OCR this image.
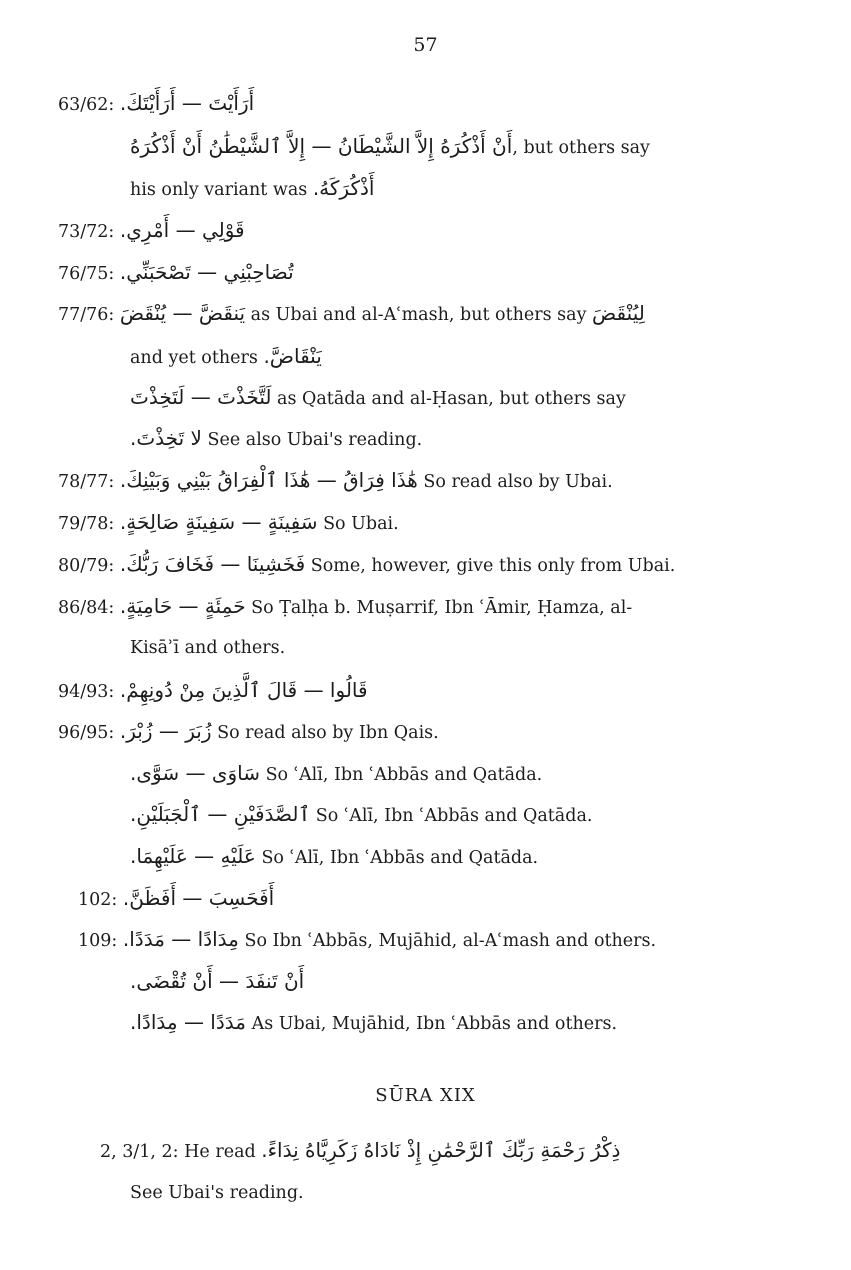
57
63/62: أَرَأَيْتَ — أَرَأَيْتَكَ.
أَنْ أَذْكُرَهُ إِلاَّ الشَّيْطَانُ — إِلاَّ ٱلشَّيْطَٰنُ أَنْ أَذْكُرَهُ, but others say
his only variant was أَذْكُرَكَهُ.
73/72: قَوْلِي — أَمْرِي.
76/75: تُصَاحِبْنِي — تَصْحَبَنِّي.
77/76: يَنقَضَّ — يُنْقَضَ as Ubai and al-Aʿmash, but others say لِيُنْقَضَ
and yet others يَنْقَاضَّ.
لَتَّخَذْتَ — لَتَخِذْتَ as Qatāda and al-Ḥasan, but others say
لا تَخِذْتَ. See also Ubai's reading.
78/77: هَٰذَا فِرَاقُ — هَٰذَا ٱلْفِرَاقُ بَيْنِي وَبَيْنِكَ. So read also by Ubai.
79/78: سَفِينَةٍ — سَفِينَةٍ صَالِحَةٍ. So Ubai.
80/79: فَخَشِينَا — فَخَافَ رَبُّكَ. Some, however, give this only from Ubai.
86/84: حَمِئَةٍ — حَامِيَةٍ. So Ṭalḥa b. Muṣarrif, Ibn ʿĀmir, Ḥamza, al-
Kisāʾī and others.
94/93: قَالُوا — قَالَ ٱلَّذِينَ مِنْ دُونِهِمْ.
96/95: زُبَرَ — زُبْرَ. So read also by Ibn Qais.
سَاوَى — سَوَّى. So ʿAlī, Ibn ʿAbbās and Qatāda.
ٱلصَّدَفَيْنِ — ٱلْجَبَلَيْنِ. So ʿAlī, Ibn ʿAbbās and Qatāda.
عَلَيْهِ — عَلَيْهِمَا. So ʿAlī, Ibn ʿAbbās and Qatāda.
102: أَفَحَسِبَ — أَفَظَنَّ.
109: مِدَادًا — مَدَدًا. So Ibn ʿAbbās, Mujāhid, al-Aʿmash and others.
أَنْ تَنفَدَ — أَنْ تُقْضَى.
مَدَدًا — مِدَادًا. As Ubai, Mujāhid, Ibn ʿAbbās and others.
SŪRA XIX
2, 3/1, 2: He read ذِكْرُ رَحْمَةِ رَبِّكَ ٱلرَّحْمَٰنِ إِذْ نَادَاهُ زَكَرِيَّاهُ نِدَاءً.
See Ubai's reading.
